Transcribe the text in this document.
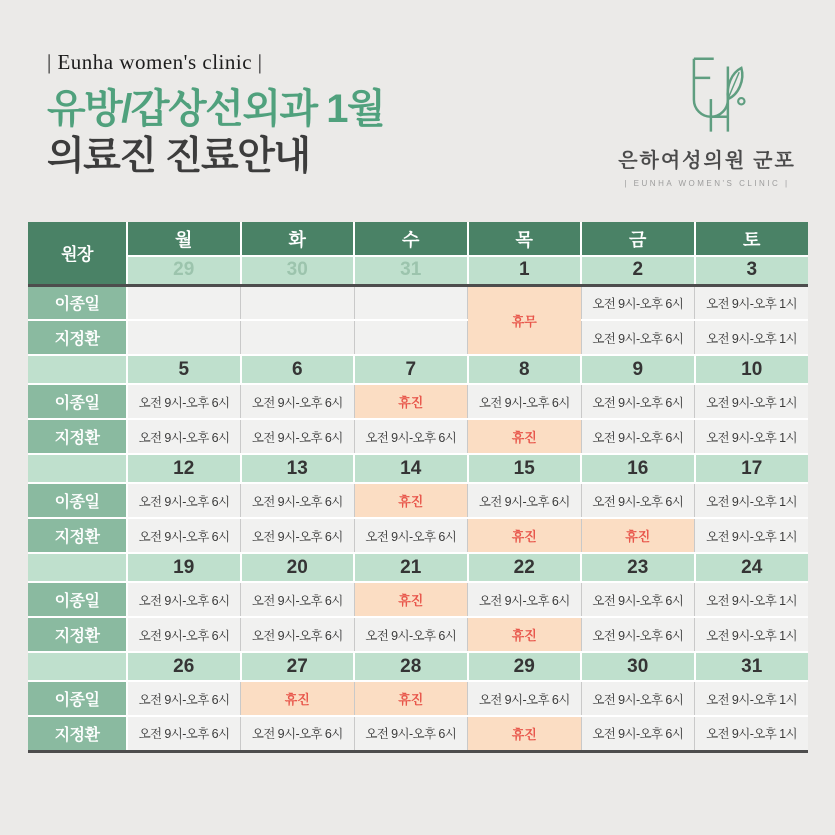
| Eunha women's clinic |
유방/갑상선외과 1월
의료진 진료안내	은하여성의원 군포
| EUNHA WOMEN'S CLINIC |
원장	월	화	수	목	금	토
	29	30	31	1	2	3
이종일				휴무	오전 9시-오후 6시	오전 9시-오후 1시
지정환					오전 9시-오후 6시	오전 9시-오후 1시
	5	6	7	8	9	10
이종일	오전 9시-오후 6시	오전 9시-오후 6시	휴진	오전 9시-오후 6시	오전 9시-오후 6시	오전 9시-오후 1시
지정환	오전 9시-오후 6시	오전 9시-오후 6시	오전 9시-오후 6시	휴진	오전 9시-오후 6시	오전 9시-오후 1시
	12	13	14	15	16	17
이종일	오전 9시-오후 6시	오전 9시-오후 6시	휴진	오전 9시-오후 6시	오전 9시-오후 6시	오전 9시-오후 1시
지정환	오전 9시-오후 6시	오전 9시-오후 6시	오전 9시-오후 6시	휴진	휴진	오전 9시-오후 1시
	19	20	21	22	23	24
이종일	오전 9시-오후 6시	오전 9시-오후 6시	휴진	오전 9시-오후 6시	오전 9시-오후 6시	오전 9시-오후 1시
지정환	오전 9시-오후 6시	오전 9시-오후 6시	오전 9시-오후 6시	휴진	오전 9시-오후 6시	오전 9시-오후 1시
	26	27	28	29	30	31
이종일	오전 9시-오후 6시	휴진	휴진	오전 9시-오후 6시	오전 9시-오후 6시	오전 9시-오후 1시
지정환	오전 9시-오후 6시	오전 9시-오후 6시	오전 9시-오후 6시	휴진	오전 9시-오후 6시	오전 9시-오후 1시
